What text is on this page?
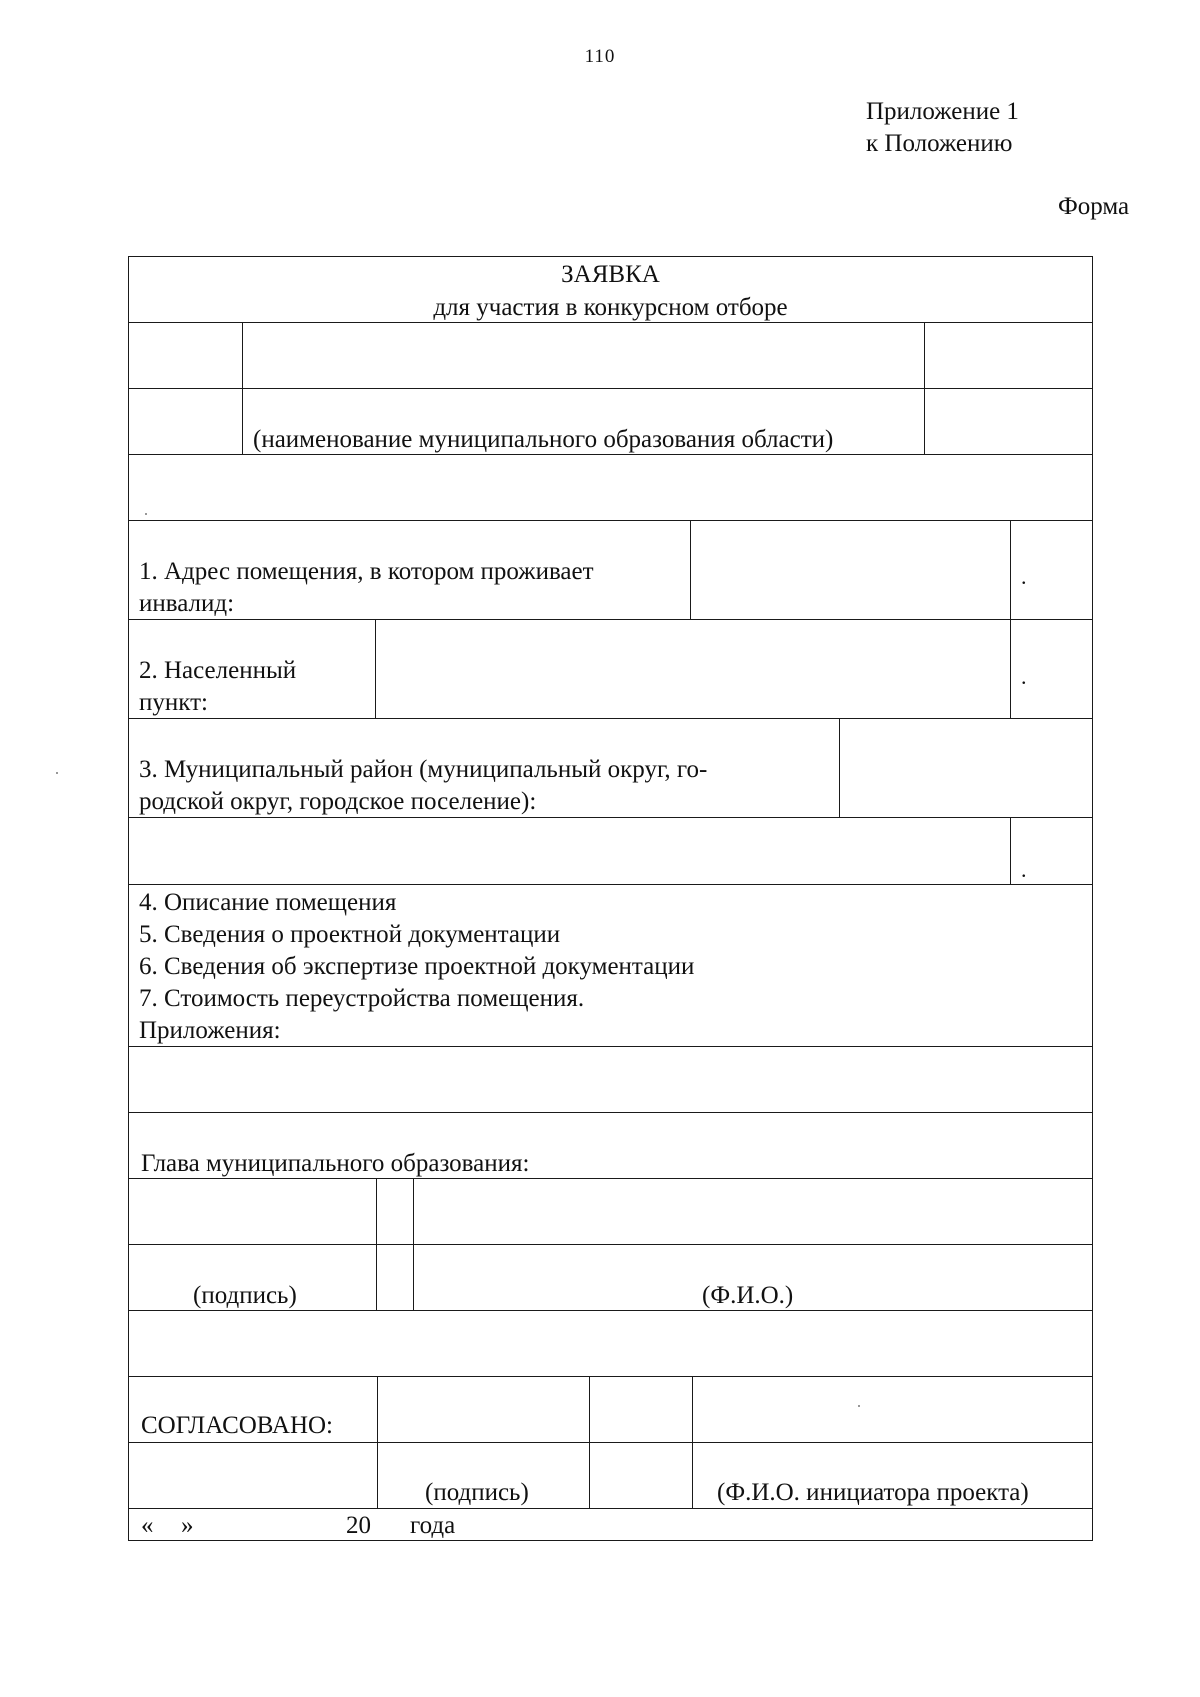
110
Приложение 1
к Положению
Форма
ЗАЯВКА
для участия в конкурсном отборе
(наименование муниципального образования области)
1. Адрес помещения, в котором проживает
инвалид:
.
2. Населенный
пункт:
.
3. Муниципальный район (муниципальный округ, го-
родской округ, городское поселение):
.
4. Описание помещения
5. Сведения о проектной документации
6. Сведения об экспертизе проектной документации
7. Стоимость переустройства помещения.
Приложения:
Глава муниципального образования:
(подпись)	(Ф.И.О.)
СОГЛАСОВАНО:
(подпись)	(Ф.И.О. инициатора проекта)
« »	20 года
